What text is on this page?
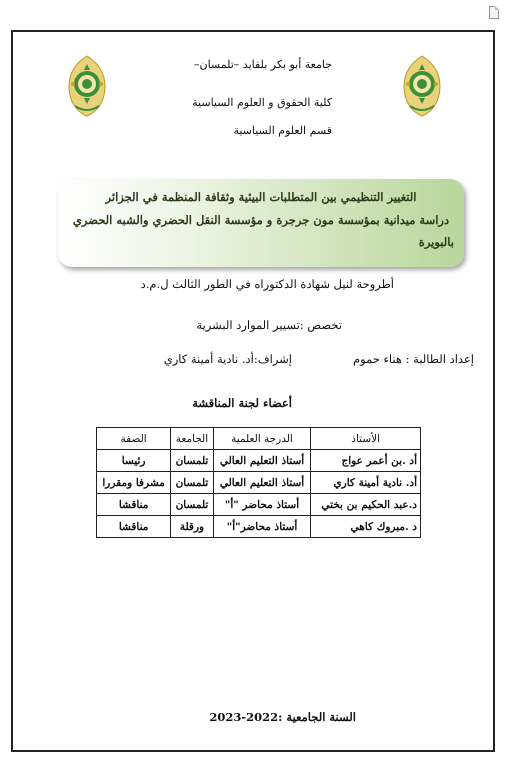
جامعة أبو بكر بلقايد –تلمسان–
كلية الحقوق و العلوم السياسية
قسم العلوم السياسية
التغيير التنظيمي بين المتطلبات البيئية وثقافة المنظمة في الجزائر
دراسة ميدانية بمؤسسة مون جرجرة و مؤسسة النقل الحضري والشبه الحضري
بالبويرة
أطروحة لنيل شهادة الدكتوراه في الطور الثالث ل.م.د
تخصص :تسيير الموارد البشرية
إعداد الطالبة : هناء حموم
إشراف:أد. نادية أمينة كاري
أعضاء لجنة المناقشة
الأستاذ	الدرجة العلمية	الجامعة	الصفة
أد .بن أعمر عواج	أستاذ التعليم العالي	تلمسان	رئيسا
أد. نادية أمينة كاري	أستاذ التعليم العالي	تلمسان	مشرفا ومقررا
د.عبد الحكيم بن بختي	أستاذ محاضر "أ"	تلمسان	مناقشا
د .مبروك كاهي	أستاذ محاضر"أ"	ورقلة	مناقشا
السنة الجامعية :2022-2023
